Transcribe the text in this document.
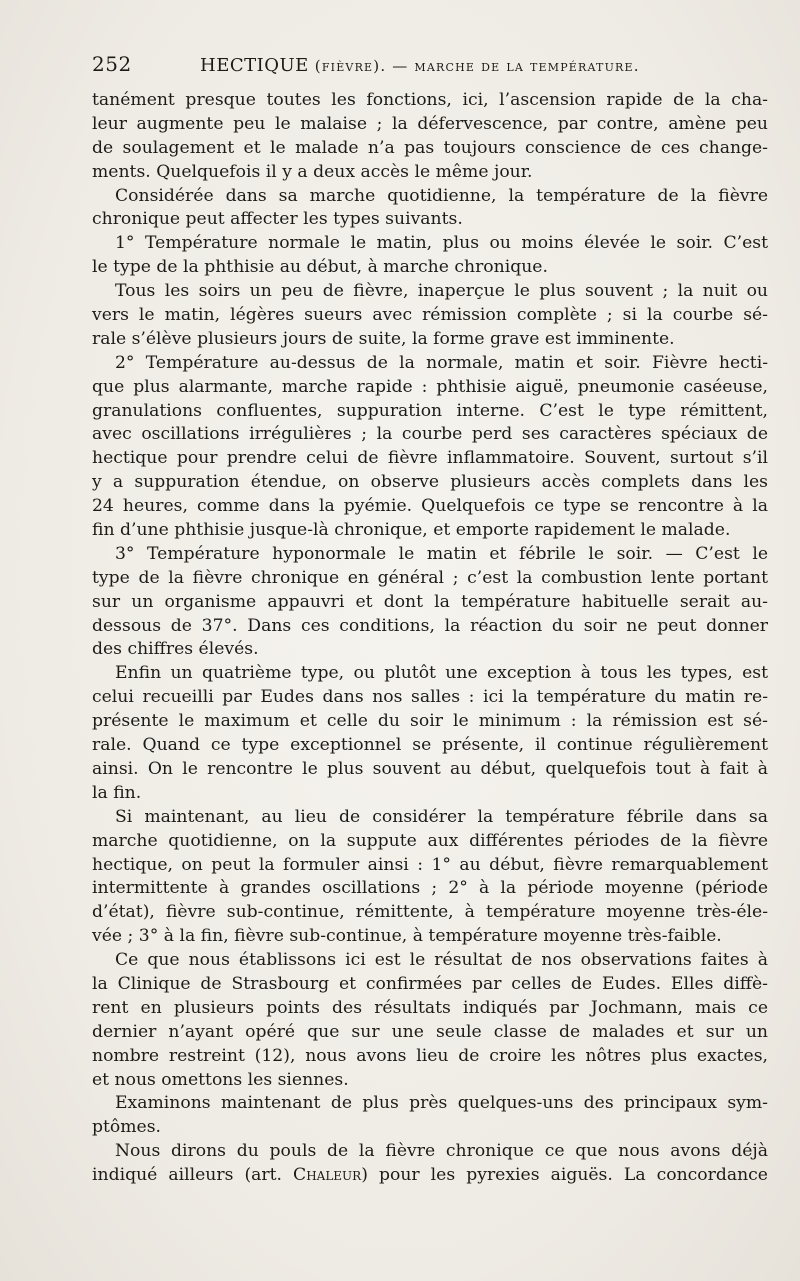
252	HECTIQUE (fièvre). — marche de la température.
tanément presque toutes les fonctions, ici, l’ascension rapide de la cha-
leur augmente peu le malaise ; la défervescence, par contre, amène peu
de soulagement et le malade n’a pas toujours conscience de ces change-
ments. Quelquefois il y a deux accès le même jour.
Considérée dans sa marche quotidienne, la température de la fièvre
chronique peut affecter les types suivants.
1° Température normale le matin, plus ou moins élevée le soir. C’est
le type de la phthisie au début, à marche chronique.
Tous les soirs un peu de fièvre, inaperçue le plus souvent ; la nuit ou
vers le matin, légères sueurs avec rémission complète ; si la courbe sé-
rale s’élève plusieurs jours de suite, la forme grave est imminente.
2° Température au-dessus de la normale, matin et soir. Fièvre hecti-
que plus alarmante, marche rapide : phthisie aiguë, pneumonie caséeuse,
granulations confluentes, suppuration interne. C’est le type rémittent,
avec oscillations irrégulières ; la courbe perd ses caractères spéciaux de
hectique pour prendre celui de fièvre inflammatoire. Souvent, surtout s’il
y a suppuration étendue, on observe plusieurs accès complets dans les
24 heures, comme dans la pyémie. Quelquefois ce type se rencontre à la
fin d’une phthisie jusque-là chronique, et emporte rapidement le malade.
3° Température hyponormale le matin et fébrile le soir. — C’est le
type de la fièvre chronique en général ; c’est la combustion lente portant
sur un organisme appauvri et dont la température habituelle serait au-
dessous de 37°. Dans ces conditions, la réaction du soir ne peut donner
des chiffres élevés.
Enfin un quatrième type, ou plutôt une exception à tous les types, est
celui recueilli par Eudes dans nos salles : ici la température du matin re-
présente le maximum et celle du soir le minimum : la rémission est sé-
rale. Quand ce type exceptionnel se présente, il continue régulièrement
ainsi. On le rencontre le plus souvent au début, quelquefois tout à fait à
la fin.
Si maintenant, au lieu de considérer la température fébrile dans sa
marche quotidienne, on la suppute aux différentes périodes de la fièvre
hectique, on peut la formuler ainsi : 1° au début, fièvre remarquablement
intermittente à grandes oscillations ; 2° à la période moyenne (période
d’état), fièvre sub-continue, rémittente, à température moyenne très-éle-
vée ; 3° à la fin, fièvre sub-continue, à température moyenne très-faible.
Ce que nous établissons ici est le résultat de nos observations faites à
la Clinique de Strasbourg et confirmées par celles de Eudes. Elles diffè-
rent en plusieurs points des résultats indiqués par Jochmann, mais ce
dernier n’ayant opéré que sur une seule classe de malades et sur un
nombre restreint (12), nous avons lieu de croire les nôtres plus exactes,
et nous omettons les siennes.
Examinons maintenant de plus près quelques-uns des principaux sym-
ptômes.
Nous dirons du pouls de la fièvre chronique ce que nous avons déjà
indiqué ailleurs (art. Chaleur) pour les pyrexies aiguës. La concordance
